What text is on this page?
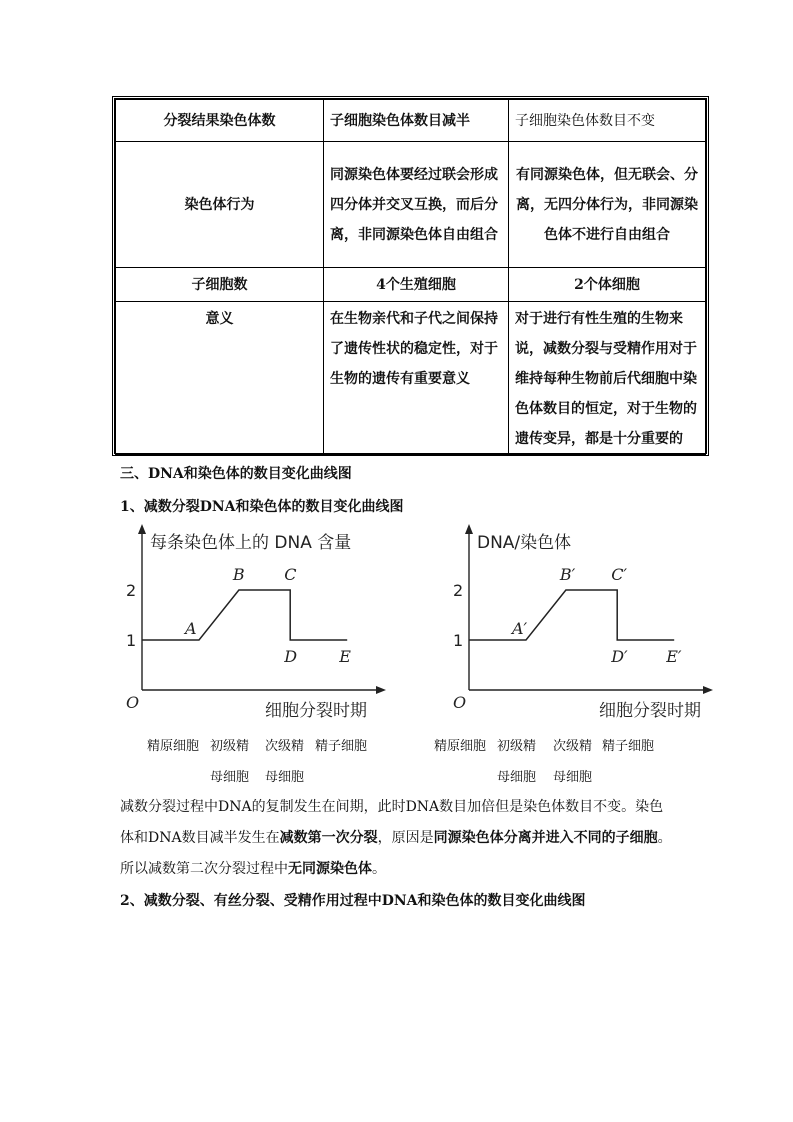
分裂结果染色体数	子细胞染色体数目减半	子细胞染色体数目不变
染色体行为	同源染色体要经过联会形成四分体并交叉互换，而后分离，非同源染色体自由组合	有同源染色体，但无联会、分离，无四分体行为，非同源染色体不进行自由组合
子细胞数	4个生殖细胞	2个体细胞
意义	在生物亲代和子代之间保持了遗传性状的稳定性，对于生物的遗传有重要意义	对于进行有性生殖的生物来说，减数分裂与受精作用对于维持每种生物前后代细胞中染色体数目的恒定，对于生物的遗传变异，都是十分重要的
三、DNA和染色体的数目变化曲线图
1、减数分裂DNA和染色体的数目变化曲线图
每条染色体上的 DNA 含量
细胞分裂时期
O
1
2
A
B C
D	E
DNA/染色体
细胞分裂时期
O
1
2
A′
B′ C′
D′ E′
精原细胞 初级精 次级精 精子细胞
母细胞 母细胞
精原细胞 初级精 次级精 精子细胞
母细胞 母细胞
减数分裂过程中DNA的复制发生在间期，此时DNA数目加倍但是染色体数目不变。染色
体和DNA数目减半发生在减数第一次分裂，原因是同源染色体分离并进入不同的子细胞。
所以减数第二次分裂过程中无同源染色体。
2、减数分裂、有丝分裂、受精作用过程中DNA和染色体的数目变化曲线图
